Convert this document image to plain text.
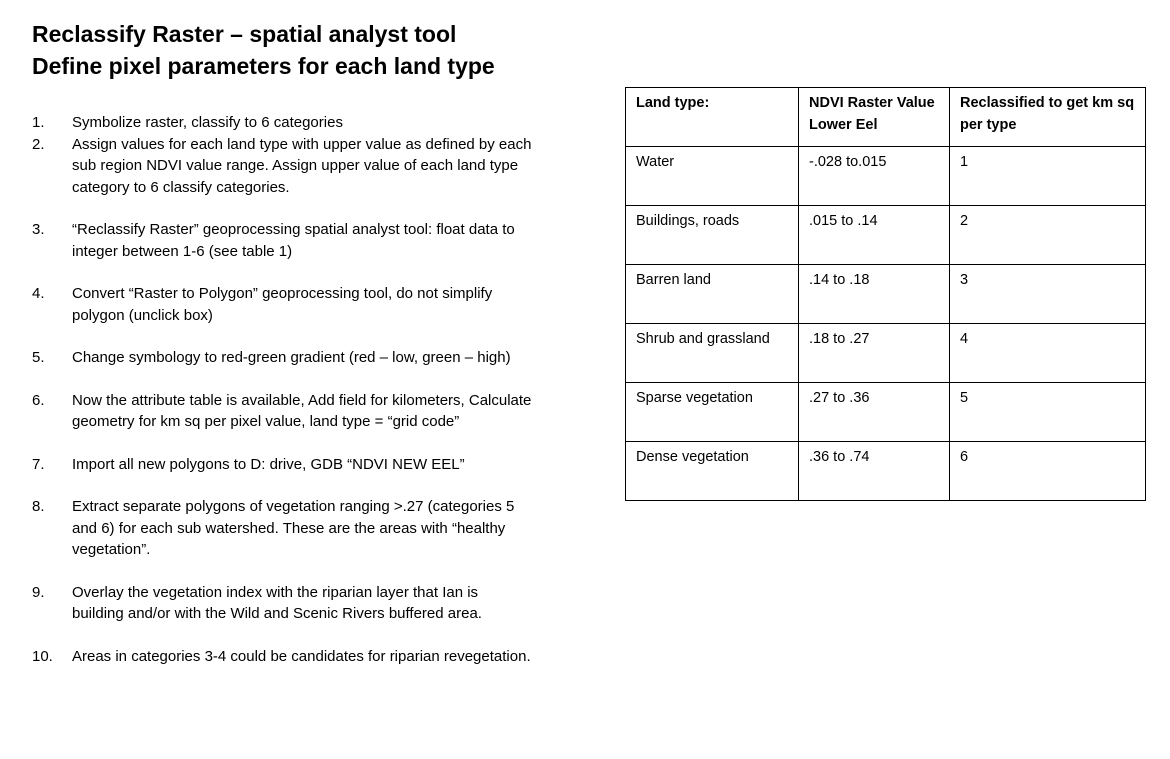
Reclassify Raster – spatial analyst tool
Define pixel parameters for each land type
1.	Symbolize raster, classify to 6 categories
2.	Assign values for each land type with upper value as defined by each sub region NDVI value range. Assign upper value of each land type category to 6 classify categories.
3.	“Reclassify Raster” geoprocessing spatial analyst tool: float data to integer between 1-6 (see table 1)
4.	Convert “Raster to Polygon” geoprocessing tool, do not simplify polygon (unclick box)
5.	Change symbology to red-green gradient (red – low, green – high)
6.	Now the attribute table is available, Add field for kilometers, Calculate geometry for km sq per pixel value, land type = “grid code”
7.	Import all new polygons to D: drive, GDB “NDVI NEW EEL”
8.	Extract separate polygons of vegetation ranging >.27 (categories 5 and 6) for each sub watershed. These are the areas with “healthy vegetation”.
9.	Overlay the vegetation index with the riparian layer that Ian is building and/or with the Wild and Scenic Rivers buffered area.
10.	Areas in categories 3-4 could be candidates for riparian revegetation.
Land type:	NDVI Raster Value Lower Eel	Reclassified to get km sq per type
Water	-.028 to.015	1
Buildings, roads	.015 to .14	2
Barren land	.14 to .18	3
Shrub and grassland	.18 to .27	4
Sparse vegetation	.27 to .36	5
Dense vegetation	.36 to .74	6
